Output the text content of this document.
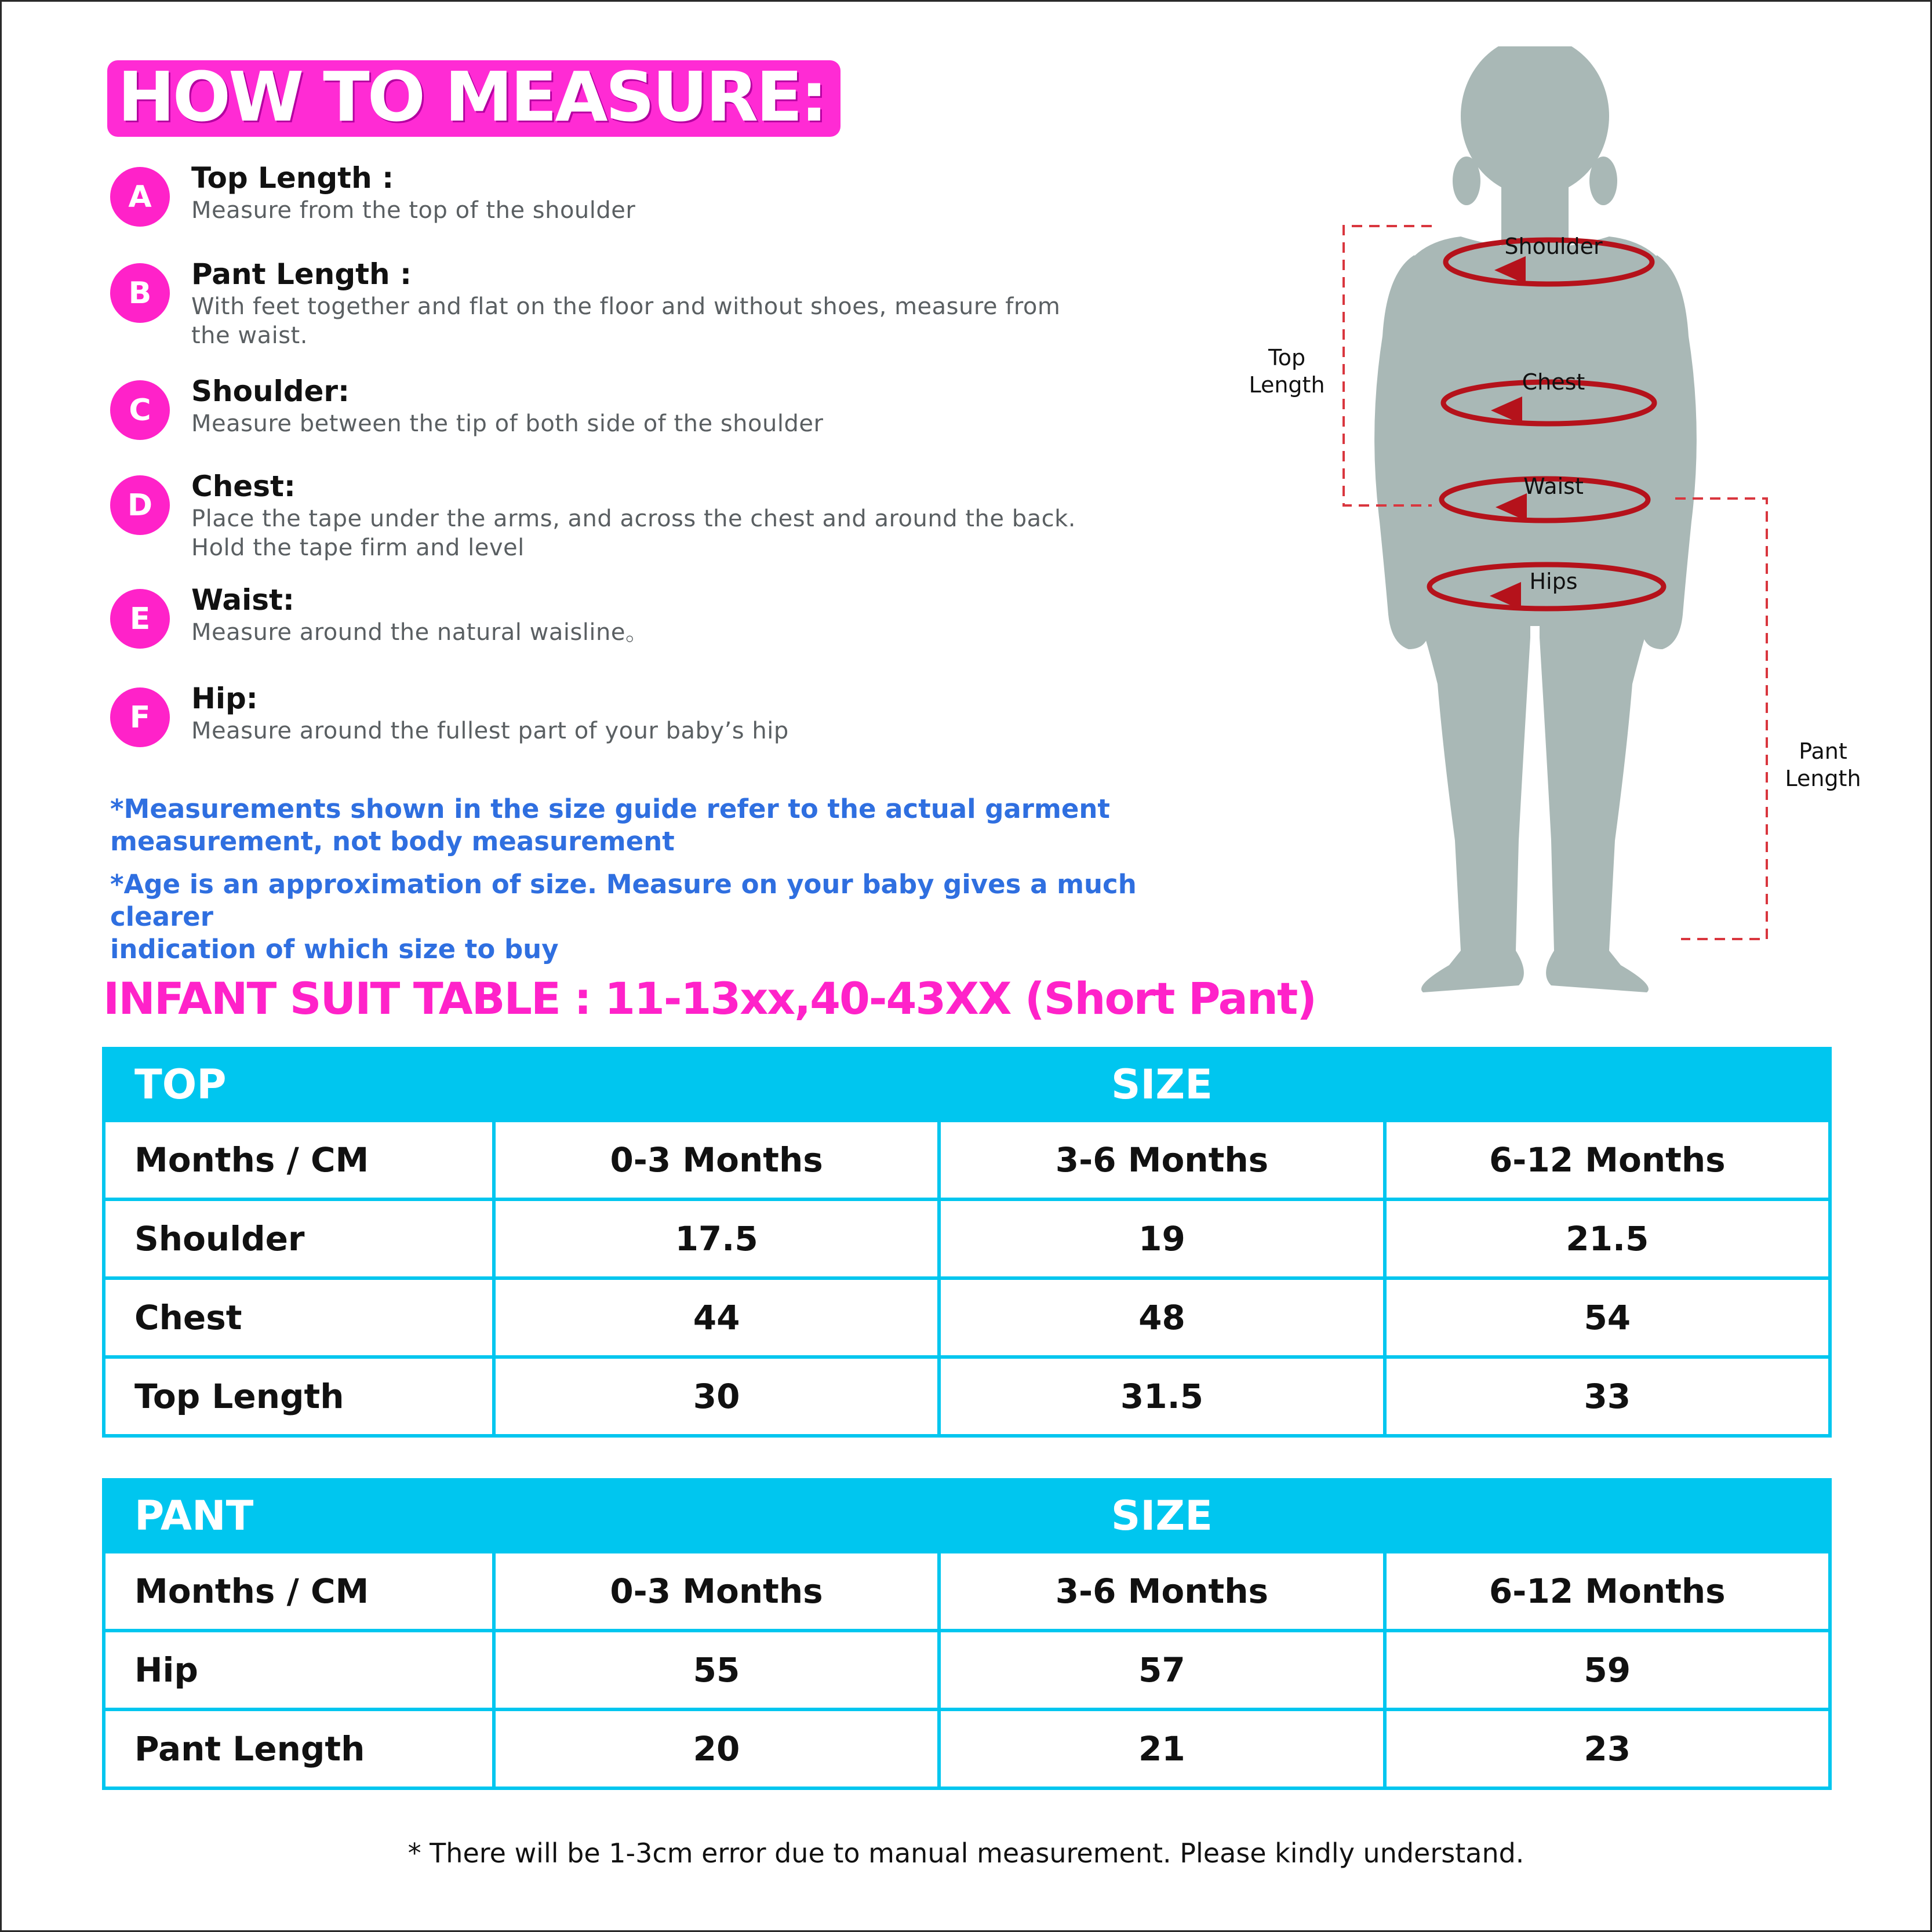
HOW TO MEASURE:
A
Top Length :
Measure from the top of the shoulder
B
Pant Length :
With feet together and flat on the floor and without shoes, measure from
the waist.
C
Shoulder:
Measure between the tip of both side of the shoulder
D
Chest:
Place the tape under the arms, and across the chest and around the back.
Hold the tape firm and level
E
Waist:
Measure around the natural waisline。
F
Hip:
Measure around the fullest part of your baby’s hip
*Measurements shown in the size guide refer to the actual garment
measurement, not body measurement
*Age is an approximation of size. Measure on your baby gives a much clearer
indication of which size to buy
Shoulder
Chest
Waist
Hips
Top
Length
Pant
Length
INFANT SUIT TABLE : 11-13xx,40-43XX (Short Pant)
TOP	SIZE		
Months / CM	0-3 Months	3-6 Months	6-12 Months
Shoulder	17.5	19	21.5
Chest	44	48	54
Top Length	30	31.5	33
PANT	SIZE		
Months / CM	0-3 Months	3-6 Months	6-12 Months
Hip	55	57	59
Pant Length	20	21	23
* There will be 1-3cm error due to manual measurement. Please kindly understand.
